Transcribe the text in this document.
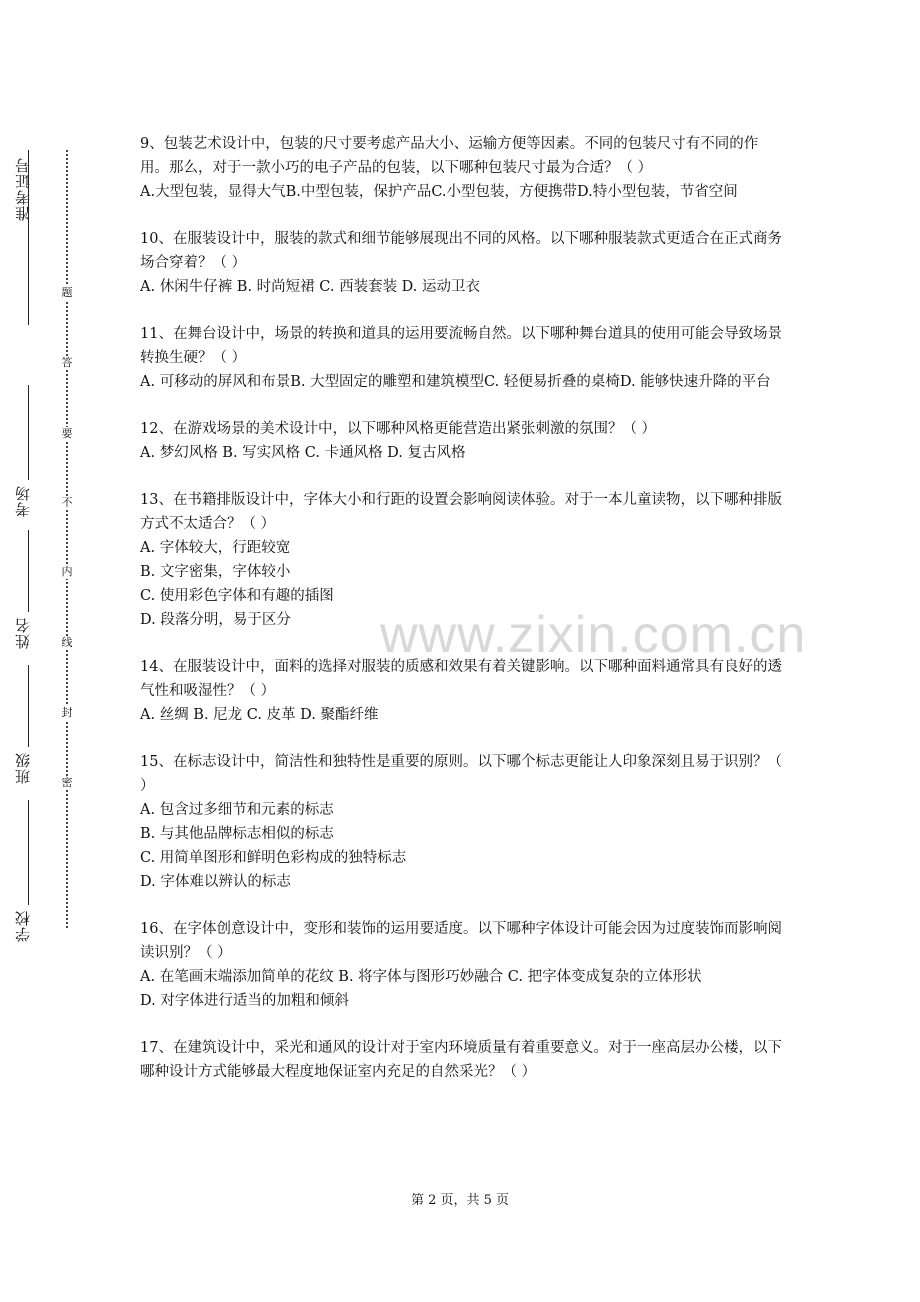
准考证号
考场
姓名
班级
学校
题
答
要
不
内
线
封
密
www.zixin.com.cn

9、包装艺术设计中，包装的尺寸要考虑产品大小、运输方便等因素。不同的包装尺寸有不同的作用。那么，对于一款小巧的电子产品的包装，以下哪种包装尺寸最为合适？（ ）

A.大型包装，显得大气B.中型包装，保护产品C.小型包装，方便携带D.特小型包装，节省空间

10、在服装设计中，服装的款式和细节能够展现出不同的风格。以下哪种服装款式更适合在正式商务场合穿着？（ ）

A. 休闲牛仔裤 B. 时尚短裙 C. 西装套装 D. 运动卫衣

11、在舞台设计中，场景的转换和道具的运用要流畅自然。以下哪种舞台道具的使用可能会导致场景转换生硬？（ ）

A. 可移动的屏风和布景B. 大型固定的雕塑和建筑模型C. 轻便易折叠的桌椅D. 能够快速升降的平台

12、在游戏场景的美术设计中，以下哪种风格更能营造出紧张刺激的氛围？（ ）

A. 梦幻风格 B. 写实风格 C. 卡通风格 D. 复古风格

13、在书籍排版设计中，字体大小和行距的设置会影响阅读体验。对于一本儿童读物，以下哪种排版方式不太适合？（ ）

A. 字体较大，行距较宽

B. 文字密集，字体较小

C. 使用彩色字体和有趣的插图

D. 段落分明，易于区分

14、在服装设计中，面料的选择对服装的质感和效果有着关键影响。以下哪种面料通常具有良好的透气性和吸湿性？（ ）

A. 丝绸 B. 尼龙 C. 皮革 D. 聚酯纤维

15、在标志设计中，简洁性和独特性是重要的原则。以下哪个标志更能让人印象深刻且易于识别？（ ）

A. 包含过多细节和元素的标志

B. 与其他品牌标志相似的标志

C. 用简单图形和鲜明色彩构成的独特标志

D. 字体难以辨认的标志

16、在字体创意设计中，变形和装饰的运用要适度。以下哪种字体设计可能会因为过度装饰而影响阅读识别？（ ）

A. 在笔画末端添加简单的花纹 B. 将字体与图形巧妙融合 C. 把字体变成复杂的立体形状

D. 对字体进行适当的加粗和倾斜

17、在建筑设计中，采光和通风的设计对于室内环境质量有着重要意义。对于一座高层办公楼，以下哪种设计方式能够最大程度地保证室内充足的自然采光？（ ）

第 2 页，共 5 页
